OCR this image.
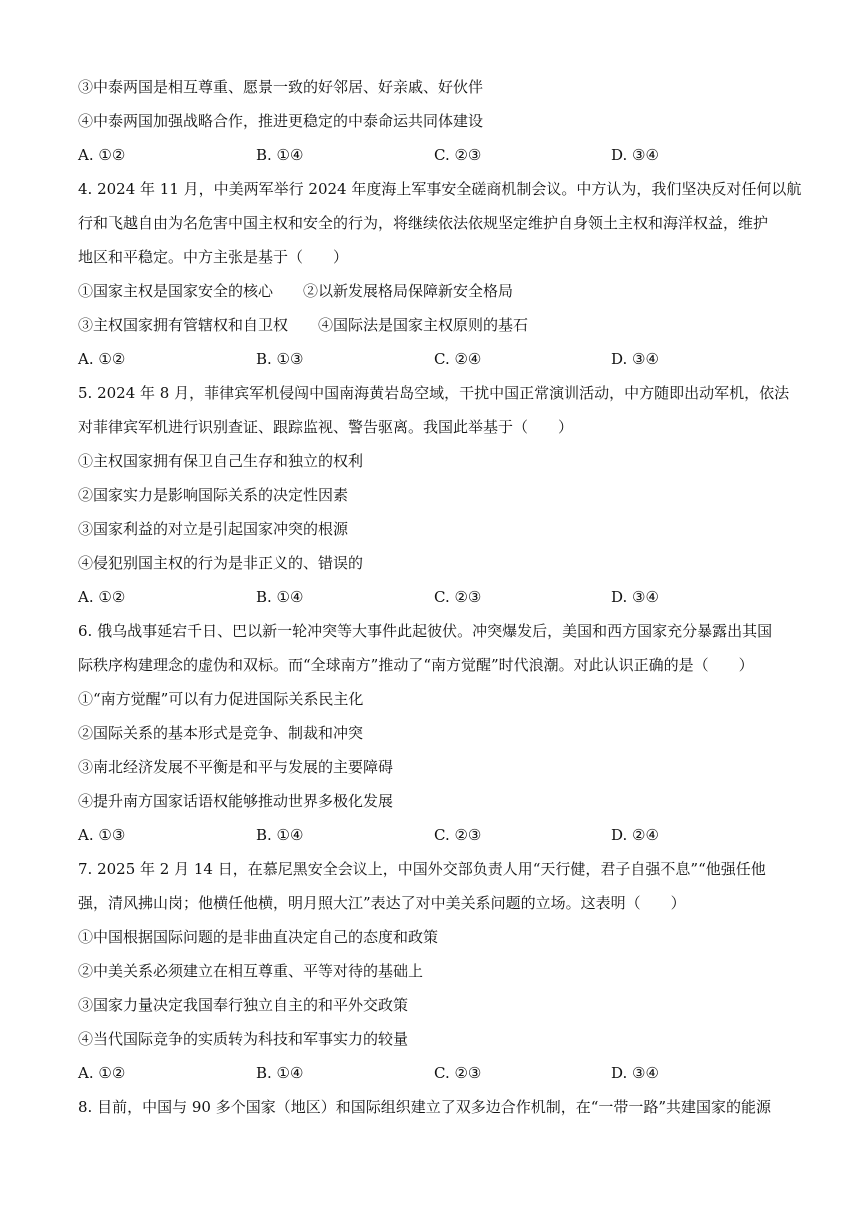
③中泰两国是相互尊重、愿景一致的好邻居、好亲戚、好伙伴
④中泰两国加强战略合作，推进更稳定的中泰命运共同体建设
A. ①②	B. ①④	C. ②③	D. ③④
4. 2024 年 11 月，中美两军举行 2024 年度海上军事安全磋商机制会议。中方认为，我们坚决反对任何以航
行和飞越自由为名危害中国主权和安全的行为，将继续依法依规坚定维护自身领土主权和海洋权益，维护
地区和平稳定。中方主张是基于（　　）
①国家主权是国家安全的核心　　②以新发展格局保障新安全格局
③主权国家拥有管辖权和自卫权　　④国际法是国家主权原则的基石
A. ①②	B. ①③	C. ②④	D. ③④
5. 2024 年 8 月，菲律宾军机侵闯中国南海黄岩岛空域，干扰中国正常演训活动，中方随即出动军机，依法
对菲律宾军机进行识别查证、跟踪监视、警告驱离。我国此举基于（　　）
①主权国家拥有保卫自己生存和独立的权利
②国家实力是影响国际关系的决定性因素
③国家利益的对立是引起国家冲突的根源
④侵犯别国主权的行为是非正义的、错误的
A. ①②	B. ①④	C. ②③	D. ③④
6. 俄乌战事延宕千日、巴以新一轮冲突等大事件此起彼伏。冲突爆发后，美国和西方国家充分暴露出其国
际秩序构建理念的虚伪和双标。而“全球南方”推动了“南方觉醒”时代浪潮。对此认识正确的是（　　）
①“南方觉醒”可以有力促进国际关系民主化
②国际关系的基本形式是竞争、制裁和冲突
③南北经济发展不平衡是和平与发展的主要障碍
④提升南方国家话语权能够推动世界多极化发展
A. ①③	B. ①④	C. ②③	D. ②④
7. 2025 年 2 月 14 日，在慕尼黑安全会议上，中国外交部负责人用“天行健，君子自强不息”“他强任他
强，清风拂山岗；他横任他横，明月照大江”表达了对中美关系问题的立场。这表明（　　）
①中国根据国际问题的是非曲直决定自己的态度和政策
②中美关系必须建立在相互尊重、平等对待的基础上
③国家力量决定我国奉行独立自主的和平外交政策
④当代国际竞争的实质转为科技和军事实力的较量
A. ①②	B. ①④	C. ②③	D. ③④
8. 目前，中国与 90 多个国家（地区）和国际组织建立了双多边合作机制，在“一带一路”共建国家的能源
